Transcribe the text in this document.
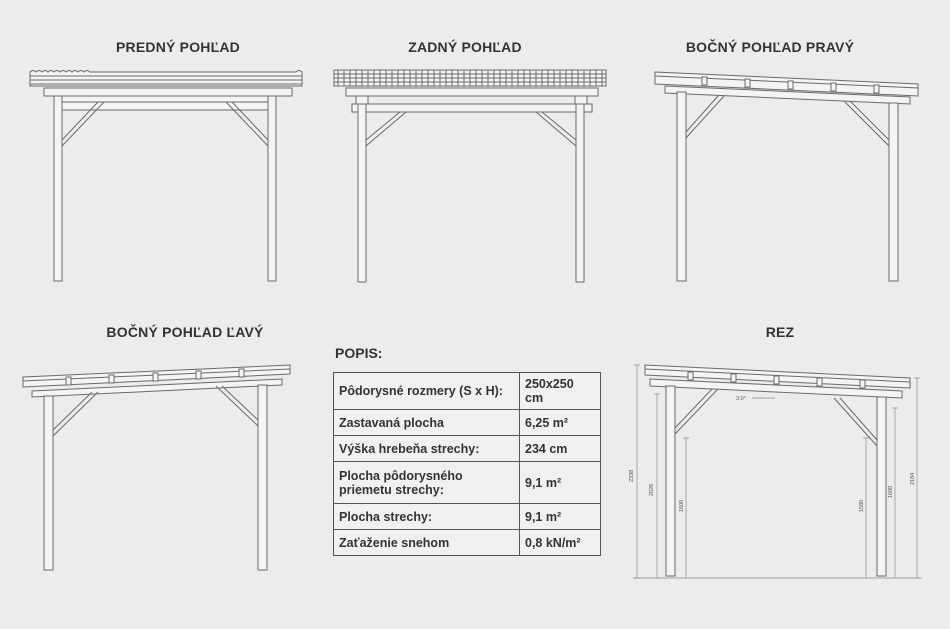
PREDNÝ POHĽAD	ZADNÝ POHĽAD	BOČNÝ POHĽAD PRAVÝ
BOČNÝ POHĽAD ĽAVÝ	REZ
3.0°
2338
2026
1600	1580
1600
2184
POPIS:
Pôdorysné rozmery (S x H):	250x250 cm
Zastavaná plocha	6,25 m²
Výška hrebeňa strechy:	234 cm
Plocha pôdorysného priemetu strechy:	9,1 m²
Plocha strechy:	9,1 m²
Zaťaženie snehom	0,8 kN/m²
